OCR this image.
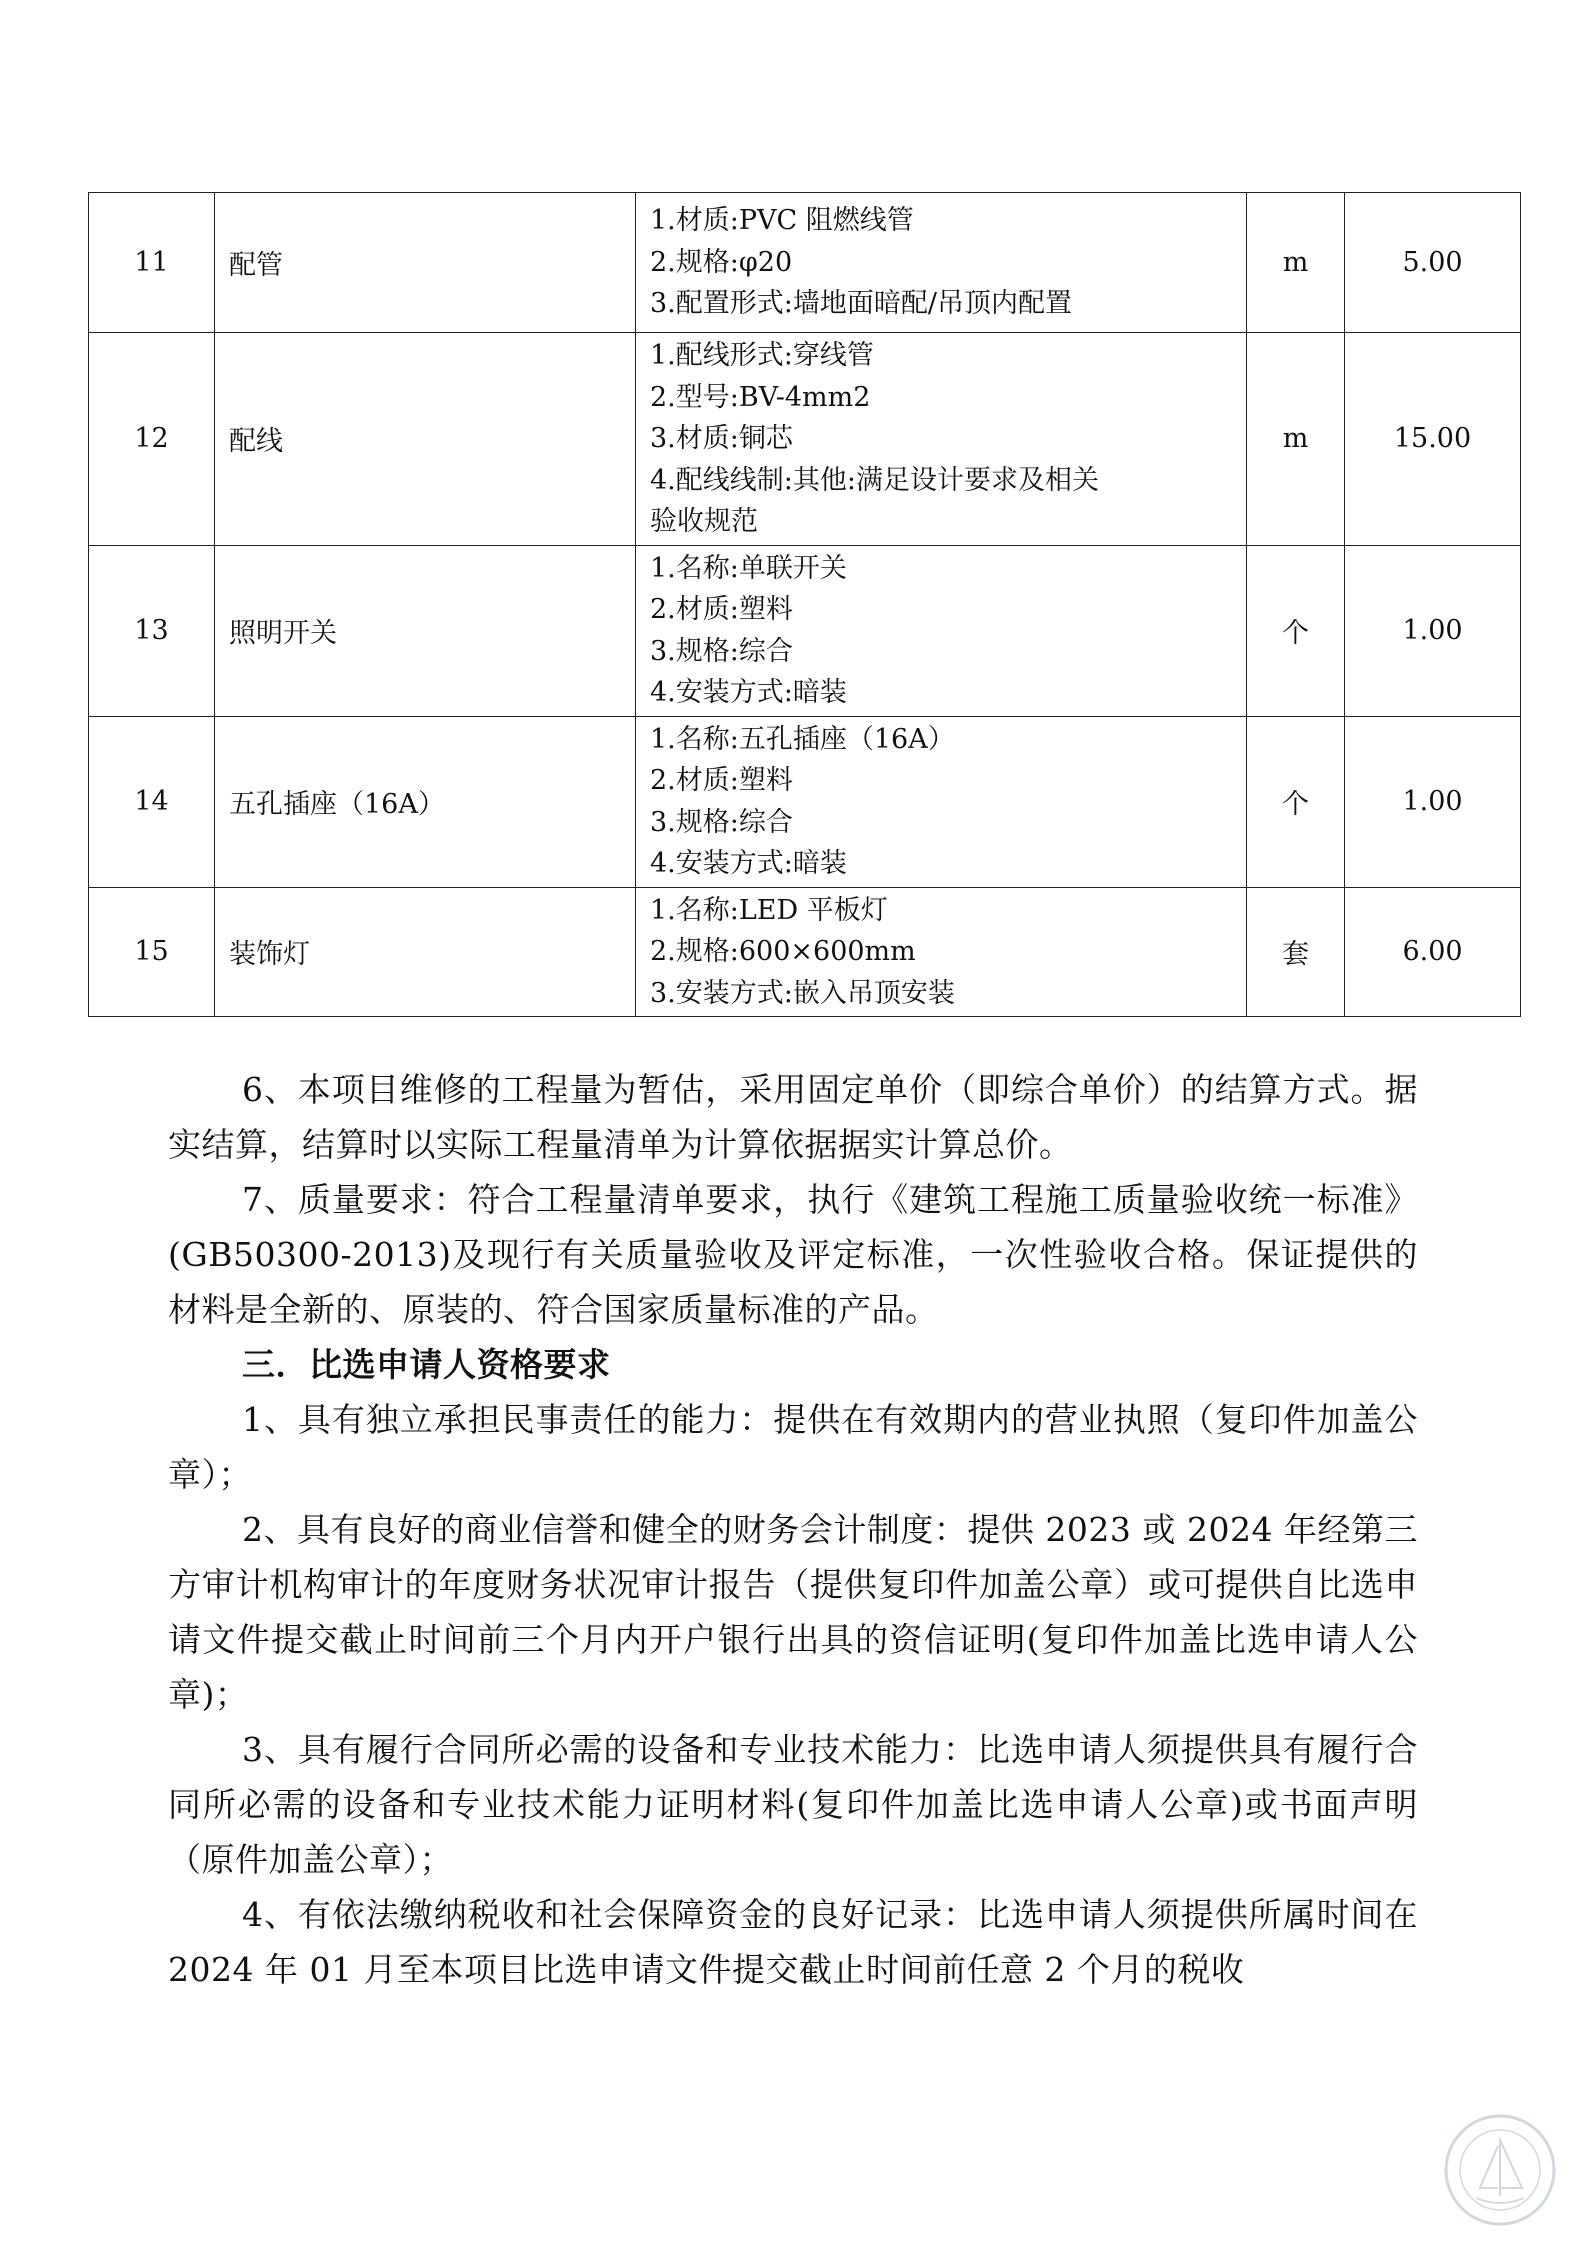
11	配管	1.材质:PVC 阻燃线管
2.规格:φ20
3.配置形式:墙地面暗配/吊顶内配置	m	5.00
12	配线	1.配线形式:穿线管
2.型号:BV-4mm2
3.材质:铜芯
4.配线线制:其他:满足设计要求及相关
验收规范	m	15.00
13	照明开关	1.名称:单联开关
2.材质:塑料
3.规格:综合
4.安装方式:暗装	个	1.00
14	五孔插座（16A）	1.名称:五孔插座（16A）
2.材质:塑料
3.规格:综合
4.安装方式:暗装	个	1.00
15	装饰灯	1.名称:LED 平板灯
2.规格:600×600mm
3.安装方式:嵌入吊顶安装	套	6.00

6、本项目维修的工程量为暂估，采用固定单价（即综合单价）的结算方式。据实结算，结算时以实际工程量清单为计算依据据实计算总价。

7、质量要求：符合工程量清单要求，执行《建筑工程施工质量验收统一标准》(GB50300-2013)及现行有关质量验收及评定标准，一次性验收合格。保证提供的材料是全新的、原装的、符合国家质量标准的产品。

三．比选申请人资格要求

1、具有独立承担民事责任的能力：提供在有效期内的营业执照（复印件加盖公章）；

2、具有良好的商业信誉和健全的财务会计制度：提供 2023 或 2024 年经第三方审计机构审计的年度财务状况审计报告（提供复印件加盖公章）或可提供自比选申请文件提交截止时间前三个月内开户银行出具的资信证明(复印件加盖比选申请人公章)；

3、具有履行合同所必需的设备和专业技术能力：比选申请人须提供具有履行合同所必需的设备和专业技术能力证明材料(复印件加盖比选申请人公章)或书面声明（原件加盖公章）；

4、有依法缴纳税收和社会保障资金的良好记录：比选申请人须提供所属时间在 2024 年 01 月至本项目比选申请文件提交截止时间前任意 2 个月的税收
